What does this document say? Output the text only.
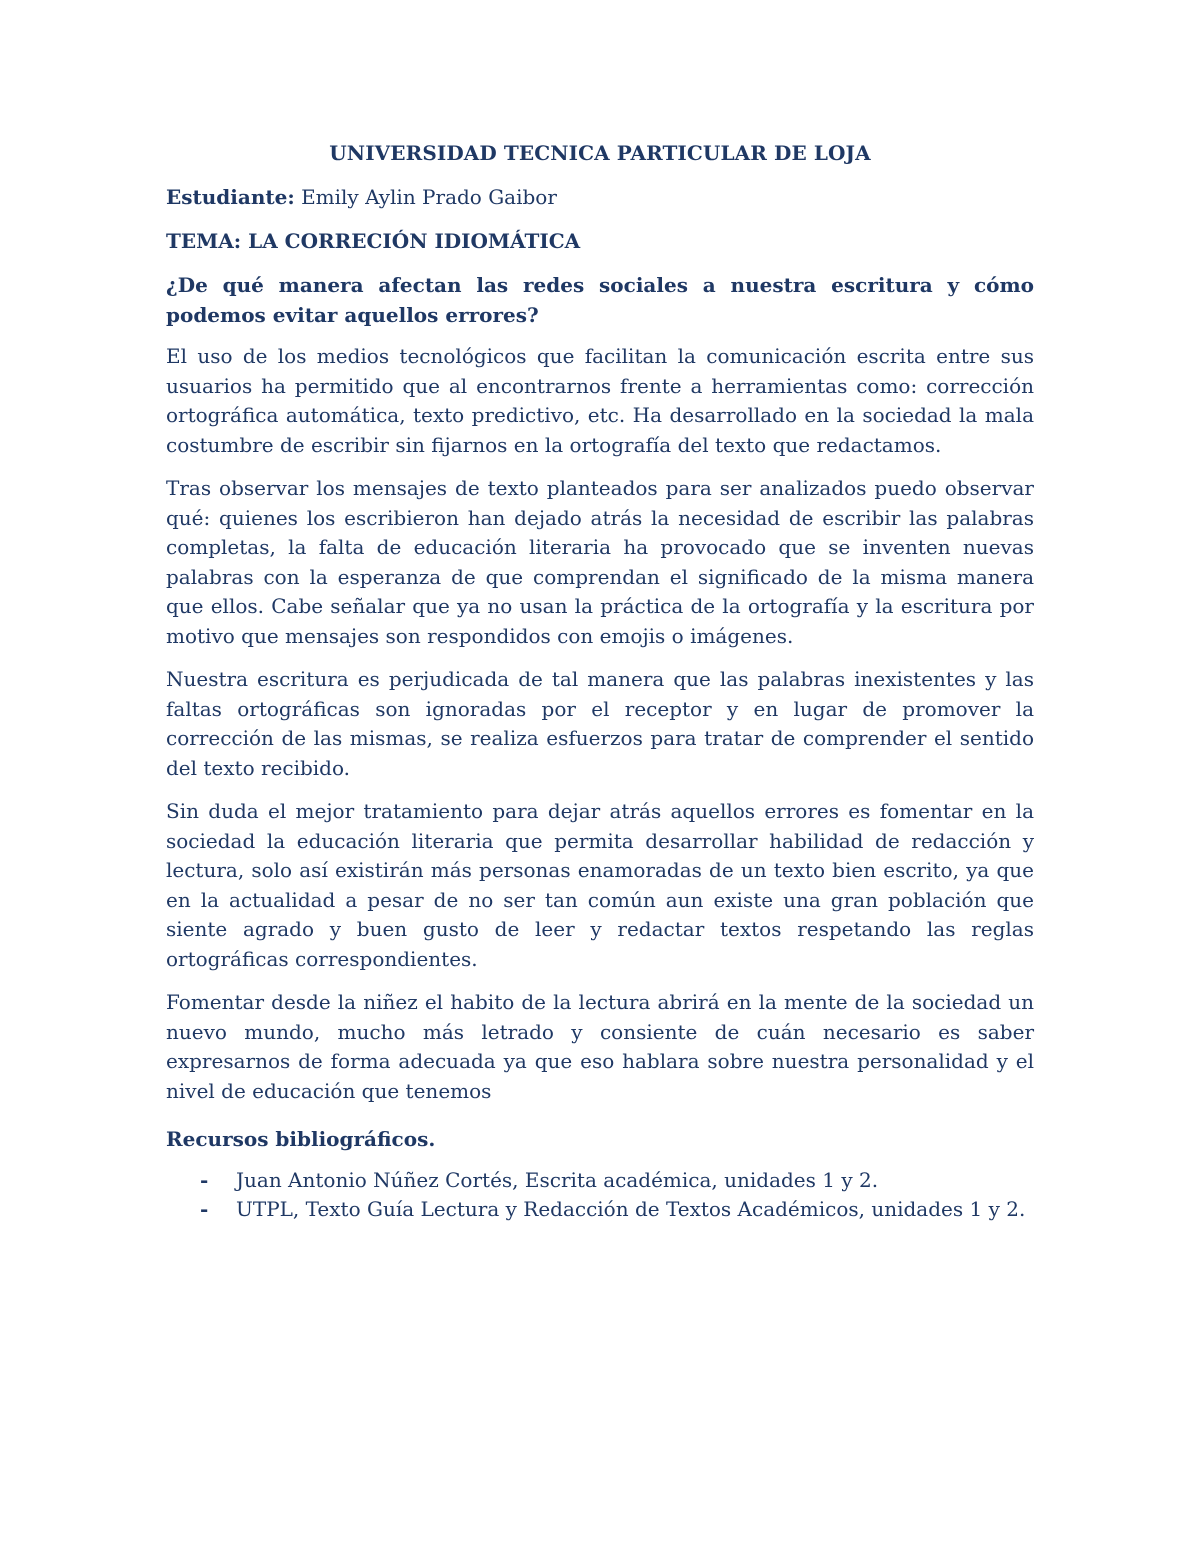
UNIVERSIDAD TECNICA PARTICULAR DE LOJA
Estudiante: Emily Aylin Prado Gaibor
TEMA: LA CORRECIÓN IDIOMÁTICA
¿De qué manera afectan las redes sociales a nuestra escritura y cómo podemos evitar aquellos errores?

El uso de los medios tecnológicos que facilitan la comunicación escrita entre sus usuarios ha permitido que al encontrarnos frente a herramientas como: corrección ortográfica automática, texto predictivo, etc. Ha desarrollado en la sociedad la mala costumbre de escribir sin fijarnos en la ortografía del texto que redactamos.

Tras observar los mensajes de texto planteados para ser analizados puedo observar qué: quienes los escribieron han dejado atrás la necesidad de escribir las palabras completas, la falta de educación literaria ha provocado que se inventen nuevas palabras con la esperanza de que comprendan el significado de la misma manera que ellos. Cabe señalar que ya no usan la práctica de la ortografía y la escritura por motivo que mensajes son respondidos con emojis o imágenes.

Nuestra escritura es perjudicada de tal manera que las palabras inexistentes y las faltas ortográficas son ignoradas por el receptor y en lugar de promover la corrección de las mismas, se realiza esfuerzos para tratar de comprender el sentido del texto recibido.

Sin duda el mejor tratamiento para dejar atrás aquellos errores es fomentar en la sociedad la educación literaria que permita desarrollar habilidad de redacción y lectura, solo así existirán más personas enamoradas de un texto bien escrito, ya que en la actualidad a pesar de no ser tan común aun existe una gran población que siente agrado y buen gusto de leer y redactar textos respetando las reglas ortográficas correspondientes.

Fomentar desde la niñez el habito de la lectura abrirá en la mente de la sociedad un nuevo mundo, mucho más letrado y consiente de cuán necesario es saber expresarnos de forma adecuada ya que eso hablara sobre nuestra personalidad y el nivel de educación que tenemos

Recursos bibliográficos.
- Juan Antonio Núñez Cortés, Escrita académica, unidades 1 y 2.
- UTPL, Texto Guía Lectura y Redacción de Textos Académicos, unidades 1 y 2.
